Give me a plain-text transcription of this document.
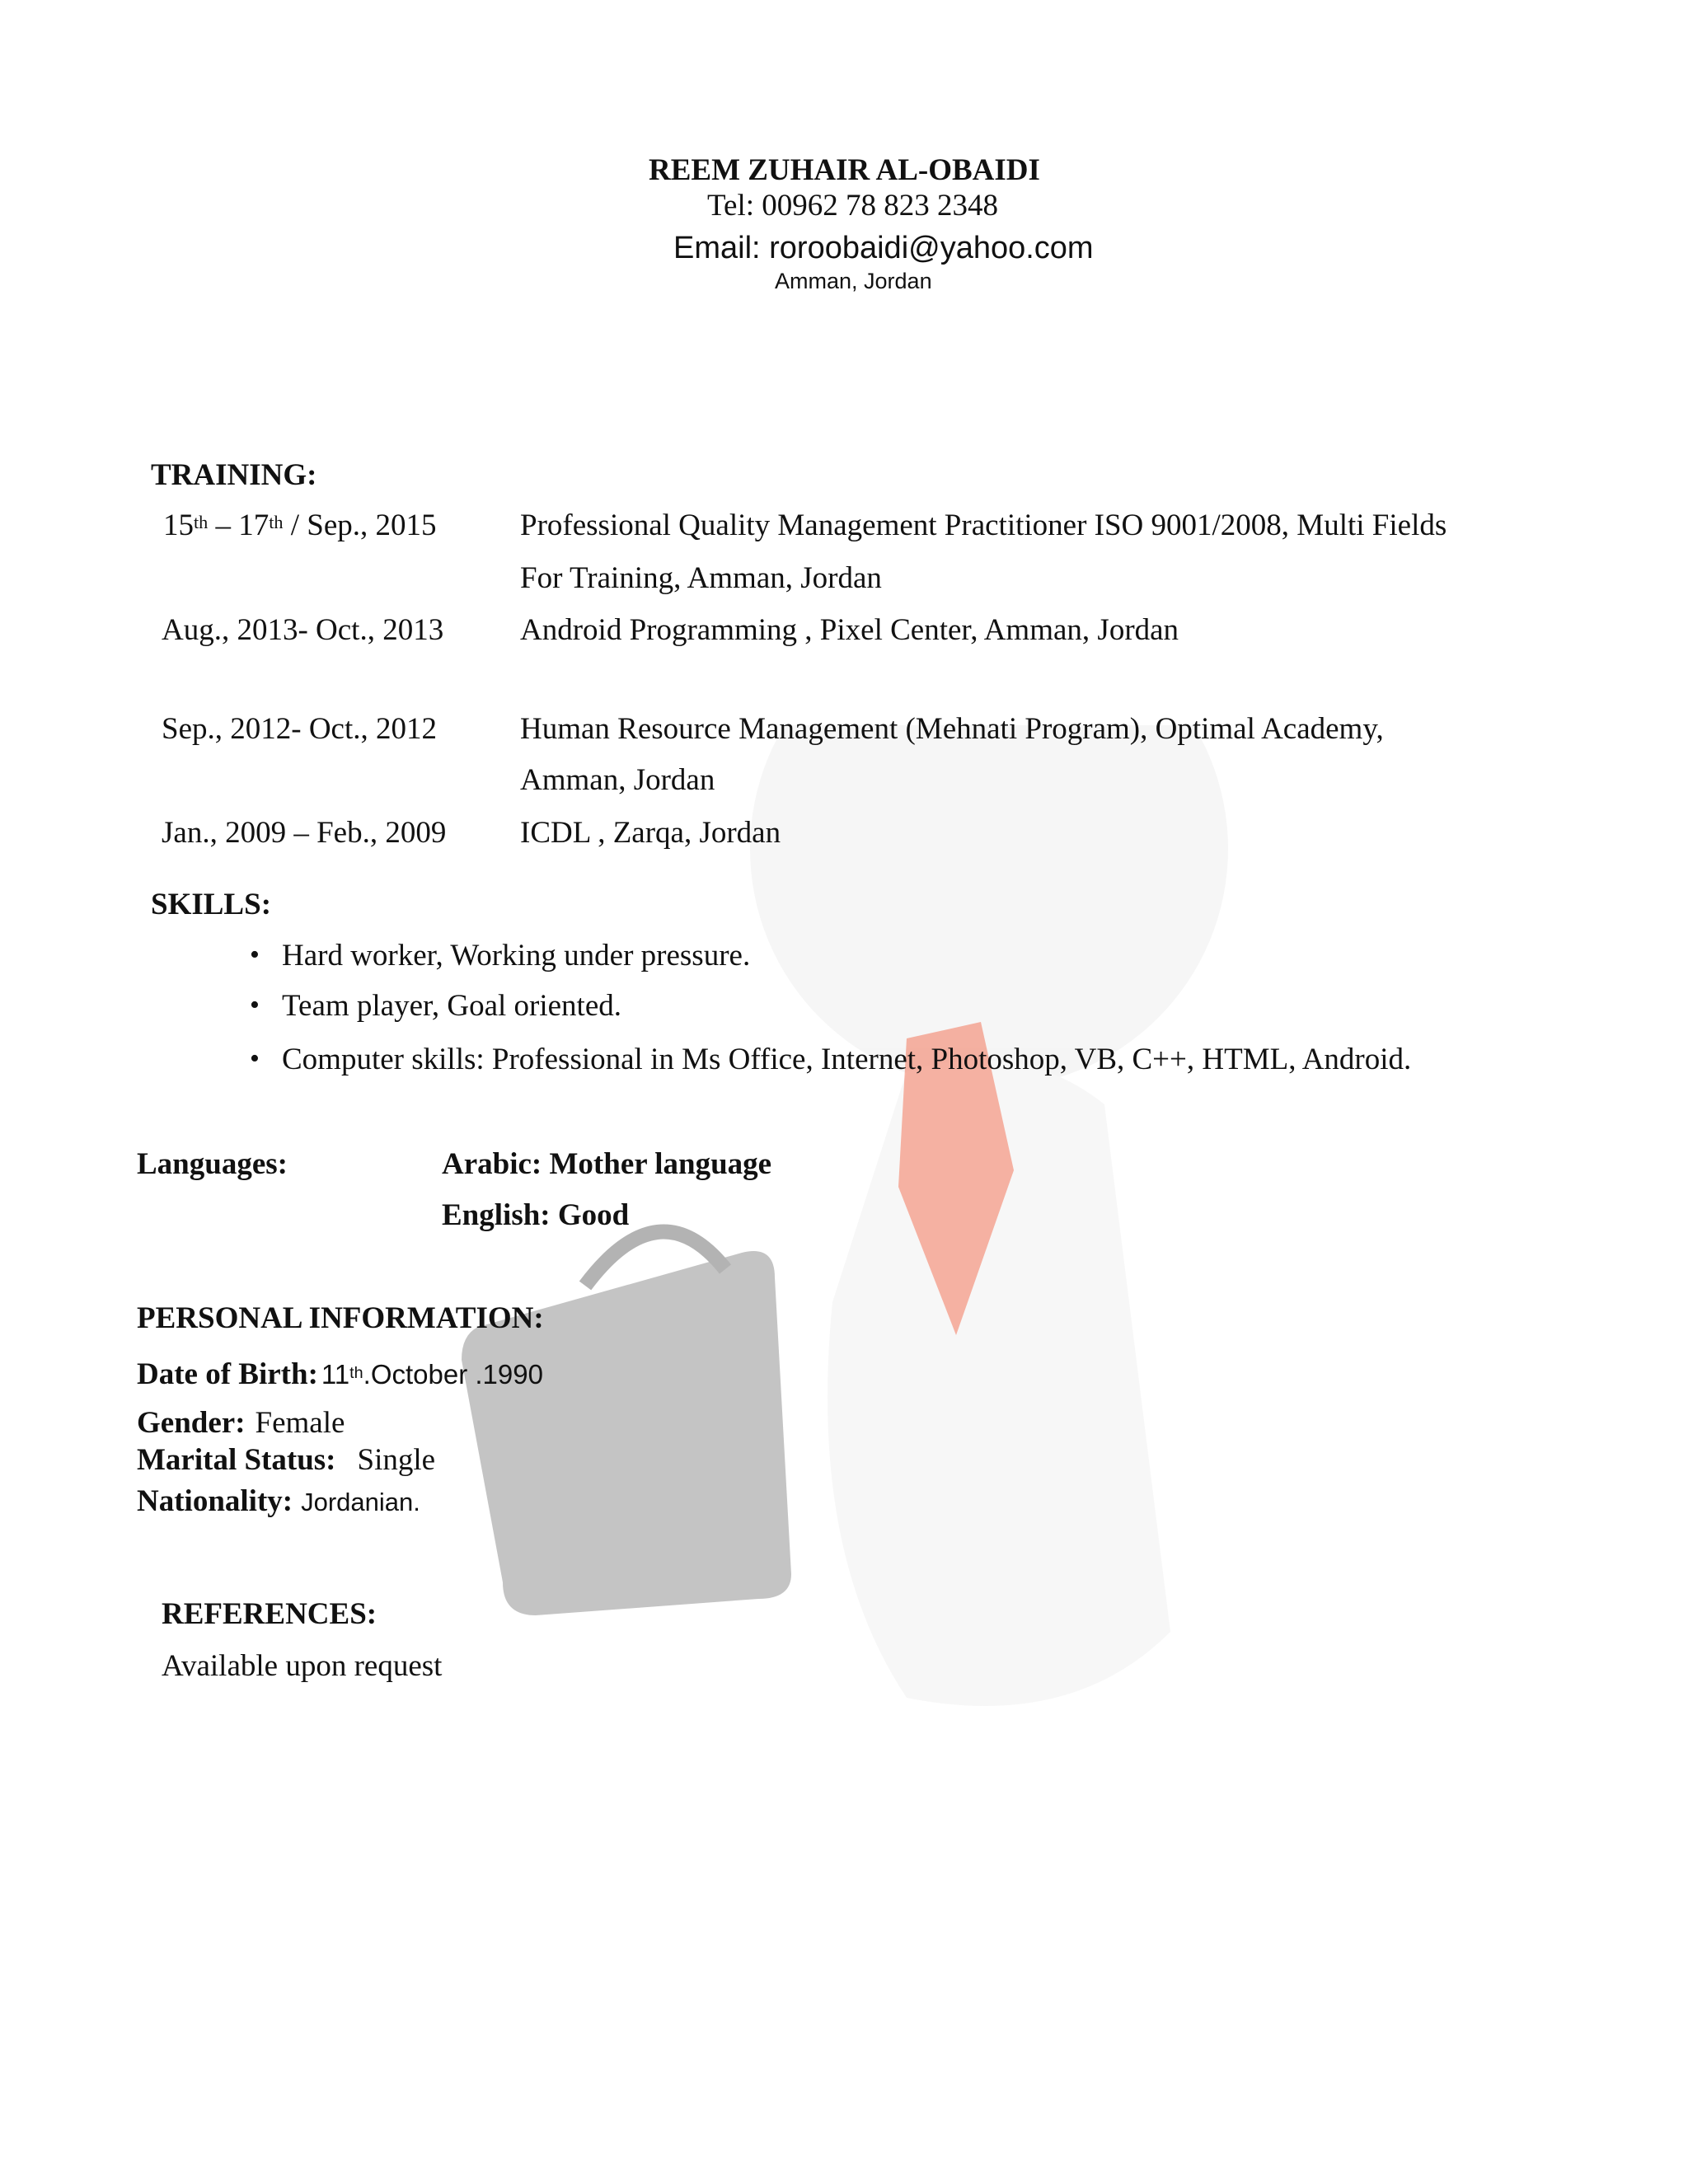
REEM ZUHAIR AL-OBAIDI
Tel: 00962 78 823 2348
Email: roroobaidi@yahoo.com
Amman, Jordan
TRAINING:
15th – 17th / Sep., 2015	Professional Quality Management Practitioner ISO 9001/2008, Multi Fields
For Training, Amman, Jordan
Aug., 2013- Oct., 2013	Android Programming , Pixel Center, Amman, Jordan
Sep., 2012- Oct., 2012	Human Resource Management (Mehnati Program), Optimal Academy,
Amman, Jordan
Jan., 2009 – Feb., 2009 ICDL , Zarqa, Jordan
SKILLS:
• Hard worker, Working under pressure.
• Team player, Goal oriented.
• Computer skills: Professional in Ms Office, Internet, Photoshop, VB, C++, HTML, Android.
Languages:	Arabic: Mother language
English: Good
PERSONAL INFORMATION:
Date of Birth: 11th.October .1990
Gender: Female
Marital Status: Single
Nationality: Jordanian.
REFERENCES:
Available upon request
